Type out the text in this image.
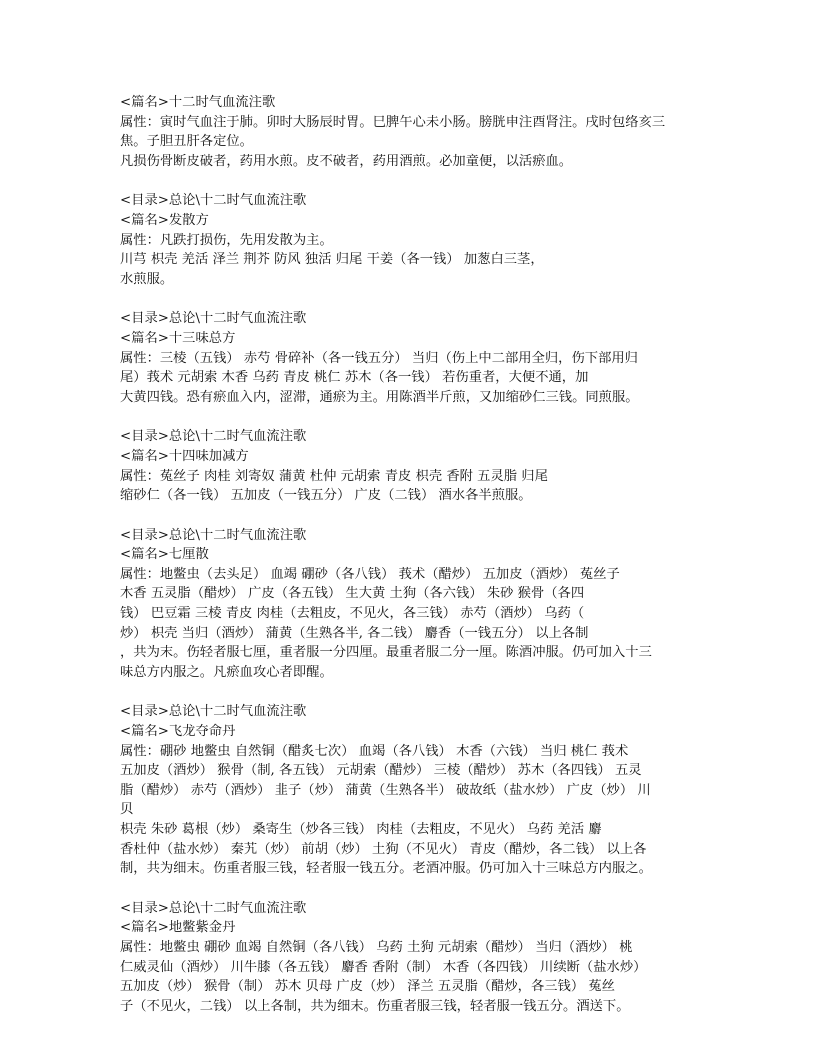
<篇名>十二时气血流注歌
属性：寅时气血注于肺。卯时大肠辰时胃。巳脾午心未小肠。膀胱申注酉肾注。戌时包络亥三
焦。子胆丑肝各定位。
凡损伤骨断皮破者，药用水煎。皮不破者，药用酒煎。必加童便，以活瘀血。
<目录>总论\十二时气血流注歌
<篇名>发散方
属性：凡跌打损伤，先用发散为主。
川芎 枳壳 羌活 泽兰 荆芥 防风 独活 归尾 干姜（各一钱） 加葱白三茎，
水煎服。
<目录>总论\十二时气血流注歌
<篇名>十三味总方
属性：三棱（五钱） 赤芍 骨碎补（各一钱五分） 当归（伤上中二部用全归，伤下部用归
尾）莪术 元胡索 木香 乌药 青皮 桃仁 苏木（各一钱） 若伤重者，大便不通，加
大黄四钱。恐有瘀血入内，涩滞，通瘀为主。用陈酒半斤煎，又加缩砂仁三钱。同煎服。
<目录>总论\十二时气血流注歌
<篇名>十四味加减方
属性：菟丝子 肉桂 刘寄奴 蒲黄 杜仲 元胡索 青皮 枳壳 香附 五灵脂 归尾
缩砂仁（各一钱） 五加皮（一钱五分） 广皮（二钱） 酒水各半煎服。
<目录>总论\十二时气血流注歌
<篇名>七厘散
属性：地鳖虫（去头足） 血竭 硼砂（各八钱） 莪术（醋炒） 五加皮（酒炒） 菟丝子
木香 五灵脂（醋炒） 广皮（各五钱） 生大黄 土狗（各六钱） 朱砂 猴骨（各四
钱） 巴豆霜 三棱 青皮 肉桂（去粗皮，不见火，各三钱） 赤芍（酒炒） 乌药（
炒） 枳壳 当归（酒炒） 蒲黄（生熟各半, 各二钱） 麝香（一钱五分） 以上各制
，共为末。伤轻者服七厘，重者服一分四厘。最重者服二分一厘。陈酒冲服。仍可加入十三
味总方内服之。凡瘀血攻心者即醒。
<目录>总论\十二时气血流注歌
<篇名>飞龙夺命丹
属性：硼砂 地鳖虫 自然铜（醋炙七次） 血竭（各八钱） 木香（六钱） 当归 桃仁 莪术
五加皮（酒炒） 猴骨（制, 各五钱） 元胡索（醋炒） 三棱（醋炒） 苏木（各四钱） 五灵
脂（醋炒） 赤芍（酒炒） 韭子（炒） 蒲黄（生熟各半） 破故纸（盐水炒） 广皮（炒） 川
贝
枳壳 朱砂 葛根（炒） 桑寄生（炒各三钱） 肉桂（去粗皮，不见火） 乌药 羌活 麝
香杜仲（盐水炒） 秦艽（炒） 前胡（炒） 土狗（不见火） 青皮（醋炒，各二钱） 以上各
制，共为细末。伤重者服三钱，轻者服一钱五分。老酒冲服。仍可加入十三味总方内服之。
<目录>总论\十二时气血流注歌
<篇名>地鳖紫金丹
属性：地鳖虫 硼砂 血竭 自然铜（各八钱） 乌药 土狗 元胡索（醋炒） 当归（酒炒） 桃
仁威灵仙（酒炒） 川牛膝（各五钱） 麝香 香附（制） 木香（各四钱） 川续断（盐水炒）
五加皮（炒） 猴骨（制） 苏木 贝母 广皮（炒） 泽兰 五灵脂（醋炒，各三钱） 菟丝
子（不见火，二钱） 以上各制，共为细末。伤重者服三钱，轻者服一钱五分。酒送下。
